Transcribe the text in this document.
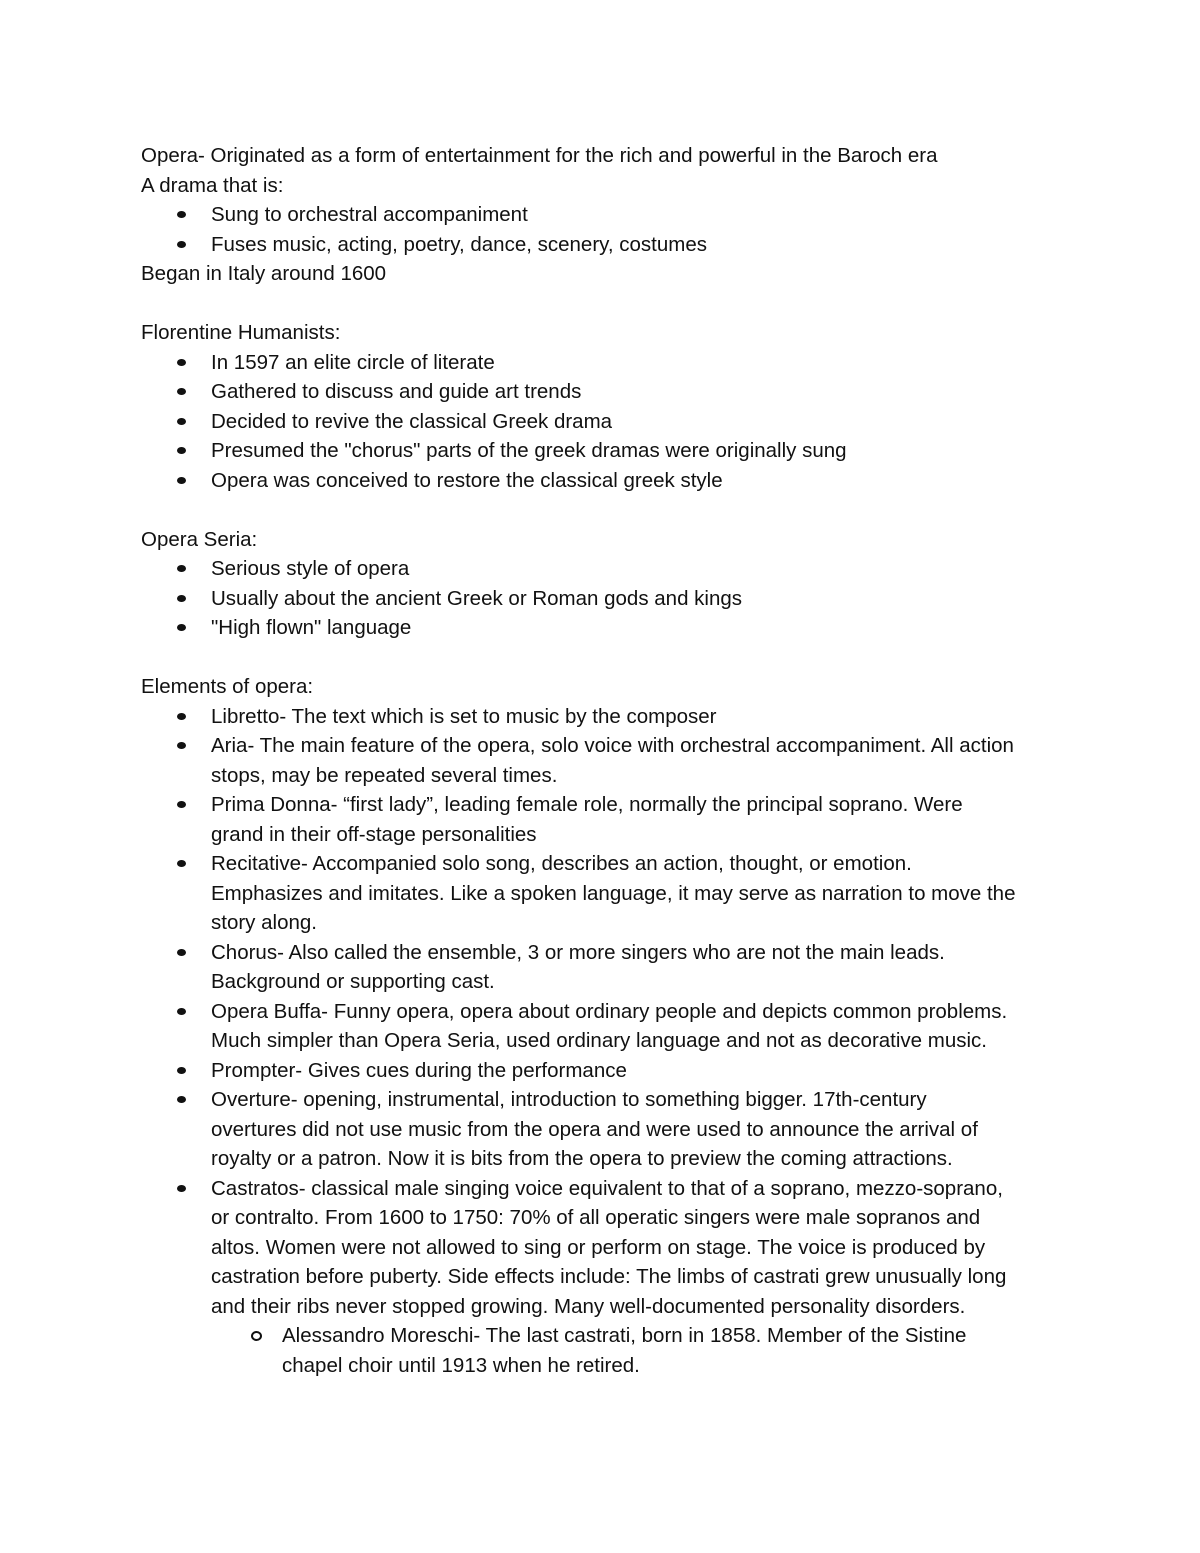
Opera- Originated as a form of entertainment for the rich and powerful in the Baroch era

A drama that is:

Sung to orchestral accompaniment
Fuses music, acting, poetry, dance, scenery, costumes

Began in Italy around 1600

Florentine Humanists:

In 1597 an elite circle of literate
Gathered to discuss and guide art trends
Decided to revive the classical Greek drama
Presumed the "chorus" parts of the greek dramas were originally sung
Opera was conceived to restore the classical greek style

Opera Seria:

Serious style of opera
Usually about the ancient Greek or Roman gods and kings
"High flown" language

Elements of opera:

Libretto- The text which is set to music by the composer
Aria- The main feature of the opera, solo voice with orchestral accompaniment. All action
stops, may be repeated several times.
Prima Donna- “first lady”, leading female role, normally the principal soprano. Were
grand in their off-stage personalities
Recitative- Accompanied solo song, describes an action, thought, or emotion.
Emphasizes and imitates. Like a spoken language, it may serve as narration to move the
story along.
Chorus- Also called the ensemble, 3 or more singers who are not the main leads.
Background or supporting cast.
Opera Buffa- Funny opera, opera about ordinary people and depicts common problems.
Much simpler than Opera Seria, used ordinary language and not as decorative music.
Prompter- Gives cues during the performance
Overture- opening, instrumental, introduction to something bigger. 17th-century
overtures did not use music from the opera and were used to announce the arrival of
royalty or a patron. Now it is bits from the opera to preview the coming attractions.
Castratos- classical male singing voice equivalent to that of a soprano, mezzo-soprano,
or contralto. From 1600 to 1750: 70% of all operatic singers were male sopranos and
altos. Women were not allowed to sing or perform on stage. The voice is produced by
castration before puberty. Side effects include: The limbs of castrati grew unusually long
and their ribs never stopped growing. Many well-documented personality disorders.
Alessandro Moreschi- The last castrati, born in 1858. Member of the Sistine
chapel choir until 1913 when he retired.
